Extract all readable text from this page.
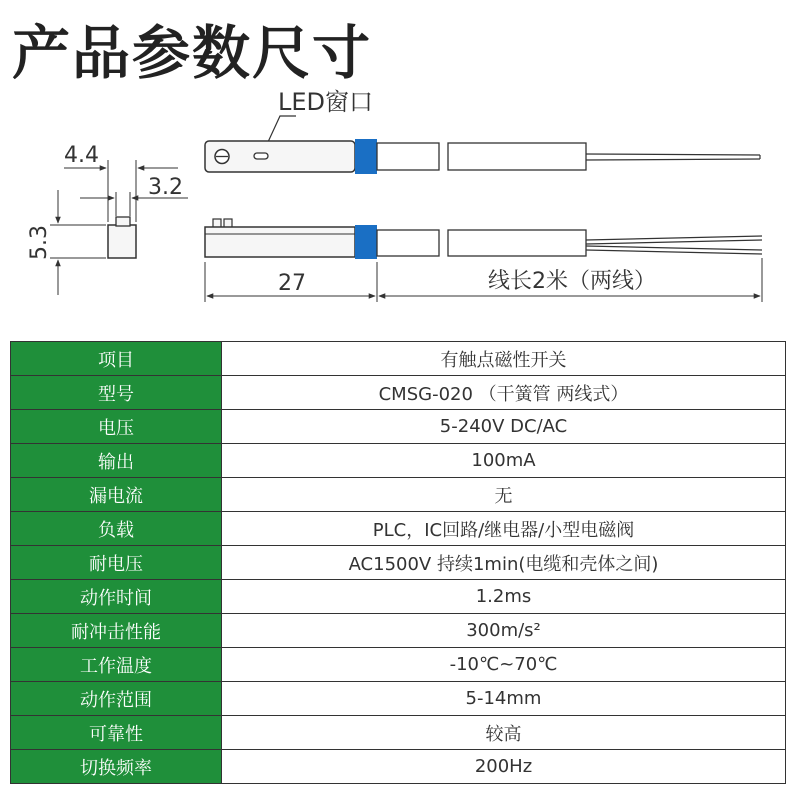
产品参数尺寸
LED窗口
4.4
3.2
5.3
27	线长2米（两线）
项目	有触点磁性开关
型号	CMSG-020 （干簧管 两线式）
电压	5-240V DC/AC
输出	100mA
漏电流	无
负载	PLC，IC回路/继电器/小型电磁阀
耐电压	AC1500V 持续1min(电缆和壳体之间)
动作时间	1.2ms
耐冲击性能	300m/s²
工作温度	-10℃~70℃
动作范围	5-14mm
可靠性	较高
切换频率	200Hz
